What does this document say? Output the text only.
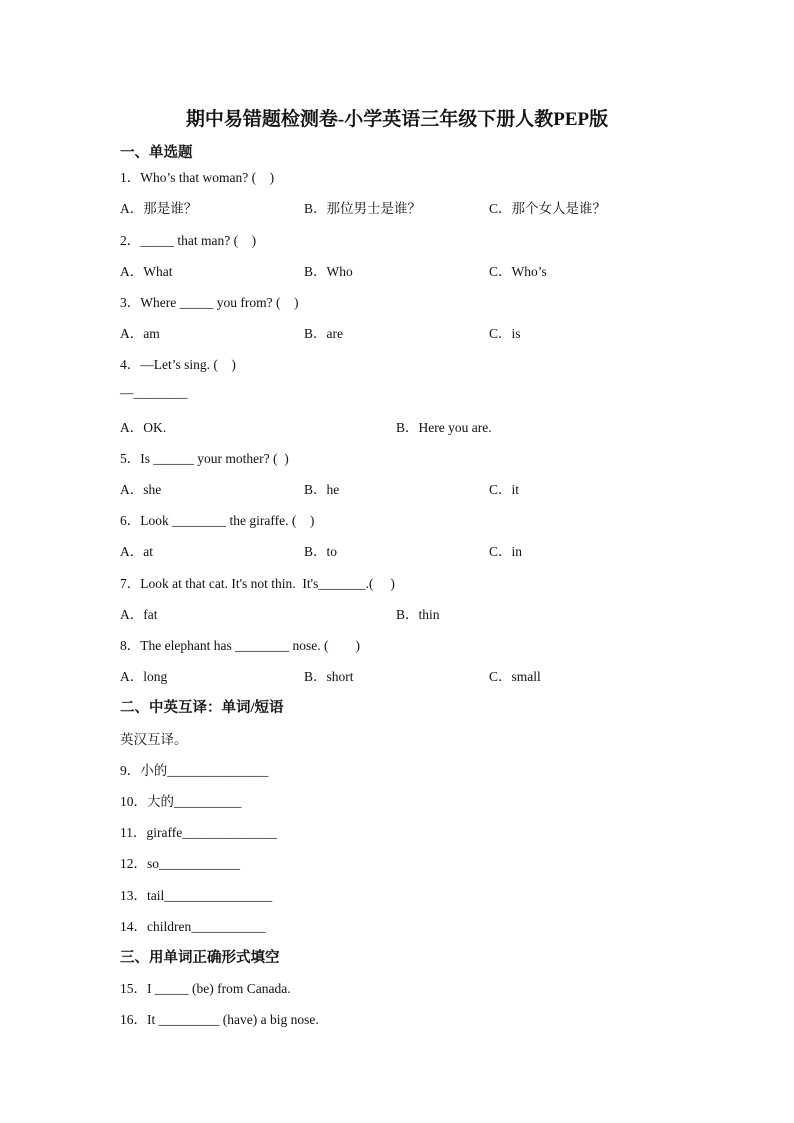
期中易错题检测卷-小学英语三年级下册人教PEP版
一、单选题
1．Who’s that woman? (　)
A．那是谁？	B．那位男士是谁？	C．那个女人是谁？
2．_____ that man? (　)
A．What	B．Who	C．Who’s
3．Where _____ you from? (　)
A．am	B．are	C．is
4．—Let’s sing. (　)
—________
A．OK.	B．Here you are.
5．Is ______ your mother? (  )
A．she	B．he	C．it
6．Look ________ the giraffe. (　)
A．at	B．to	C．in
7．Look at that cat. It's not thin.  It's_______.(　 )
A．fat	B．thin
8．The elephant has ________ nose. (　　)
A．long	B．short	C．small
二、中英互译：单词/短语
英汉互译。
9．小的_______________
10．大的__________
11．giraffe______________
12．so____________
13．tail________________
14．children___________
三、用单词正确形式填空
15．I _____ (be) from Canada.
16．It _________ (have) a big nose.
